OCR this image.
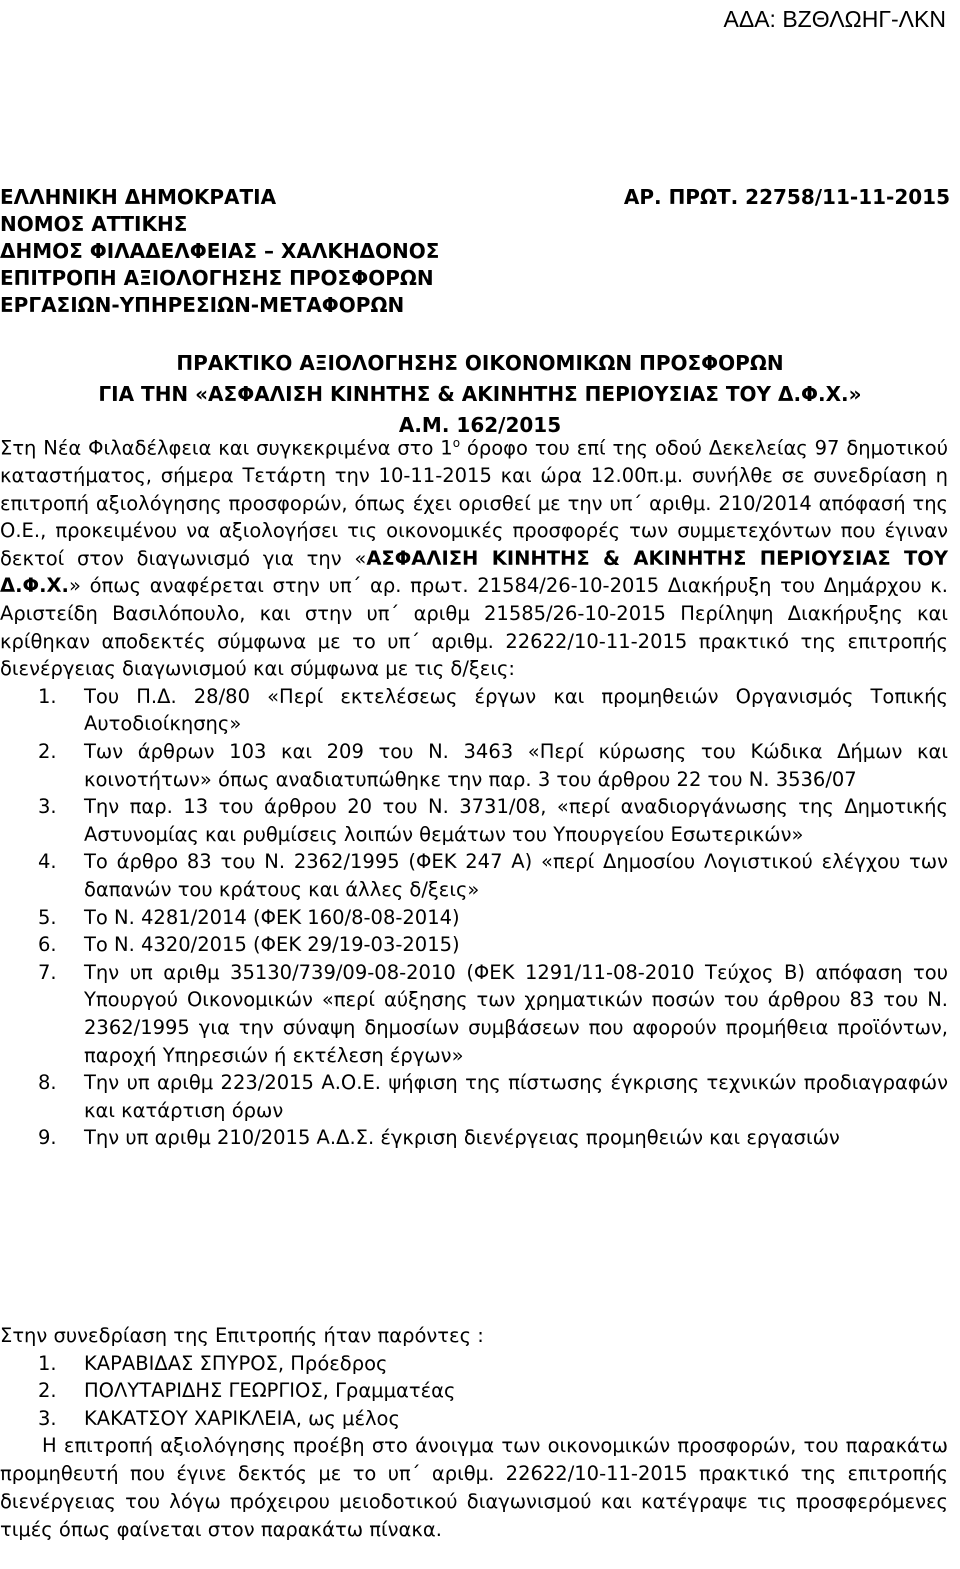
ΑΔΑ: ΒΖΘΛΩΗΓ-ΛΚΝ
ΕΛΛΗΝΙΚΗ ΔΗΜΟΚΡΑΤΙΑ
ΝΟΜΟΣ ΑΤΤΙΚΗΣ
ΔΗΜΟΣ ΦΙΛΑΔΕΛΦΕΙΑΣ – ΧΑΛΚΗΔΟΝΟΣ
ΕΠΙΤΡΟΠΗ ΑΞΙΟΛΟΓΗΣΗΣ ΠΡΟΣΦΟΡΩΝ
ΕΡΓΑΣΙΩΝ-ΥΠΗΡΕΣΙΩΝ-ΜΕΤΑΦΟΡΩΝ
ΑΡ. ΠΡΩΤ. 22758/11-11-2015
ΠΡΑΚΤΙΚΟ ΑΞΙΟΛΟΓΗΣΗΣ ΟΙΚΟΝΟΜΙΚΩΝ ΠΡΟΣΦΟΡΩΝ
ΓΙΑ ΤΗΝ «ΑΣΦΑΛΙΣΗ ΚΙΝΗΤΗΣ & ΑΚΙΝΗΤΗΣ ΠΕΡΙΟΥΣΙΑΣ ΤΟΥ Δ.Φ.Χ.»
Α.Μ. 162/2015

Στη Νέα Φιλαδέλφεια και συγκεκριμένα στο $1^o$ όροφο του επί της οδού Δεκελείας 97 δημοτικού καταστήματος, σήμερα Τετάρτη την 10-11-2015 και ώρα 12.00π.μ. συνήλθε σε συνεδρίαση η επιτροπή αξιολόγησης προσφορών, όπως έχει ορισθεί με την υπ΄ αριθμ. 210/2014 απόφασή της Ο.Ε., προκειμένου να αξιολογήσει τις οικονομικές προσφορές των συμμετεχόντων που έγιναν δεκτοί στον διαγωνισμό για την «ΑΣΦΑΛΙΣΗ ΚΙΝΗΤΗΣ & ΑΚΙΝΗΤΗΣ ΠΕΡΙΟΥΣΙΑΣ ΤΟΥ Δ.Φ.Χ.» όπως αναφέρεται στην υπ΄ αρ. πρωτ. 21584/26-10-2015 Διακήρυξη του Δημάρχου κ. Αριστείδη Βασιλόπουλο, και στην υπ΄ αριθμ 21585/26-10-2015 Περίληψη Διακήρυξης και κρίθηκαν αποδεκτές σύμφωνα με το υπ΄ αριθμ. 22622/10-11-2015 πρακτικό της επιτροπής διενέργειας διαγωνισμού και σύμφωνα με τις δ/ξεις:

1.	Του Π.Δ. 28/80 «Περί εκτελέσεως έργων και προμηθειών Οργανισμός Τοπικής Αυτοδιοίκησης»
2.	Των άρθρων 103 και 209 του Ν. 3463 «Περί κύρωσης του Κώδικα Δήμων και κοινοτήτων» όπως αναδιατυπώθηκε την παρ. 3 του άρθρου 22 του Ν. 3536/07
3.	Την παρ. 13 του άρθρου 20 του Ν. 3731/08, «περί αναδιοργάνωσης της Δημοτικής Αστυνομίας και ρυθμίσεις λοιπών θεμάτων του Υπουργείου Εσωτερικών»
4.	Το άρθρο 83 του Ν. 2362/1995 (ΦΕΚ 247 Α) «περί Δημοσίου Λογιστικού ελέγχου των δαπανών του κράτους και άλλες δ/ξεις»
5.	Το Ν. 4281/2014 (ΦΕΚ 160/8-08-2014)
6.	Το Ν. 4320/2015 (ΦΕΚ 29/19-03-2015)
7.	Την υπ αριθμ 35130/739/09-08-2010 (ΦΕΚ 1291/11-08-2010 Τεύχος Β) απόφαση του Υπουργού Οικονομικών «περί αύξησης των χρηματικών ποσών του άρθρου 83 του Ν. 2362/1995 για την σύναψη δημοσίων συμβάσεων που αφορούν προμήθεια προϊόντων, παροχή Υπηρεσιών ή εκτέλεση έργων»
8.	Την υπ αριθμ 223/2015 Α.Ο.Ε. ψήφιση της πίστωσης έγκρισης τεχνικών προδιαγραφών και κατάρτιση όρων
9.	Την υπ αριθμ 210/2015 Α.Δ.Σ. έγκριση διενέργειας προμηθειών και εργασιών

Στην συνεδρίαση της Επιτροπής ήταν παρόντες :

1.	ΚΑΡΑΒΙΔΑΣ ΣΠΥΡΟΣ, Πρόεδρος
2.	ΠΟΛΥΤΑΡΙΔΗΣ ΓΕΩΡΓΙΟΣ, Γραμματέας
3.	ΚΑΚΑΤΣΟΥ ΧΑΡΙΚΛΕΙΑ, ως μέλος

Η επιτροπή αξιολόγησης προέβη στο άνοιγμα των οικονομικών προσφορών, του παρακάτω προμηθευτή που έγινε δεκτός με το υπ΄ αριθμ. 22622/10-11-2015 πρακτικό της επιτροπής διενέργειας του λόγω πρόχειρου μειοδοτικού διαγωνισμού και κατέγραψε τις προσφερόμενες τιμές όπως φαίνεται στον παρακάτω πίνακα.
